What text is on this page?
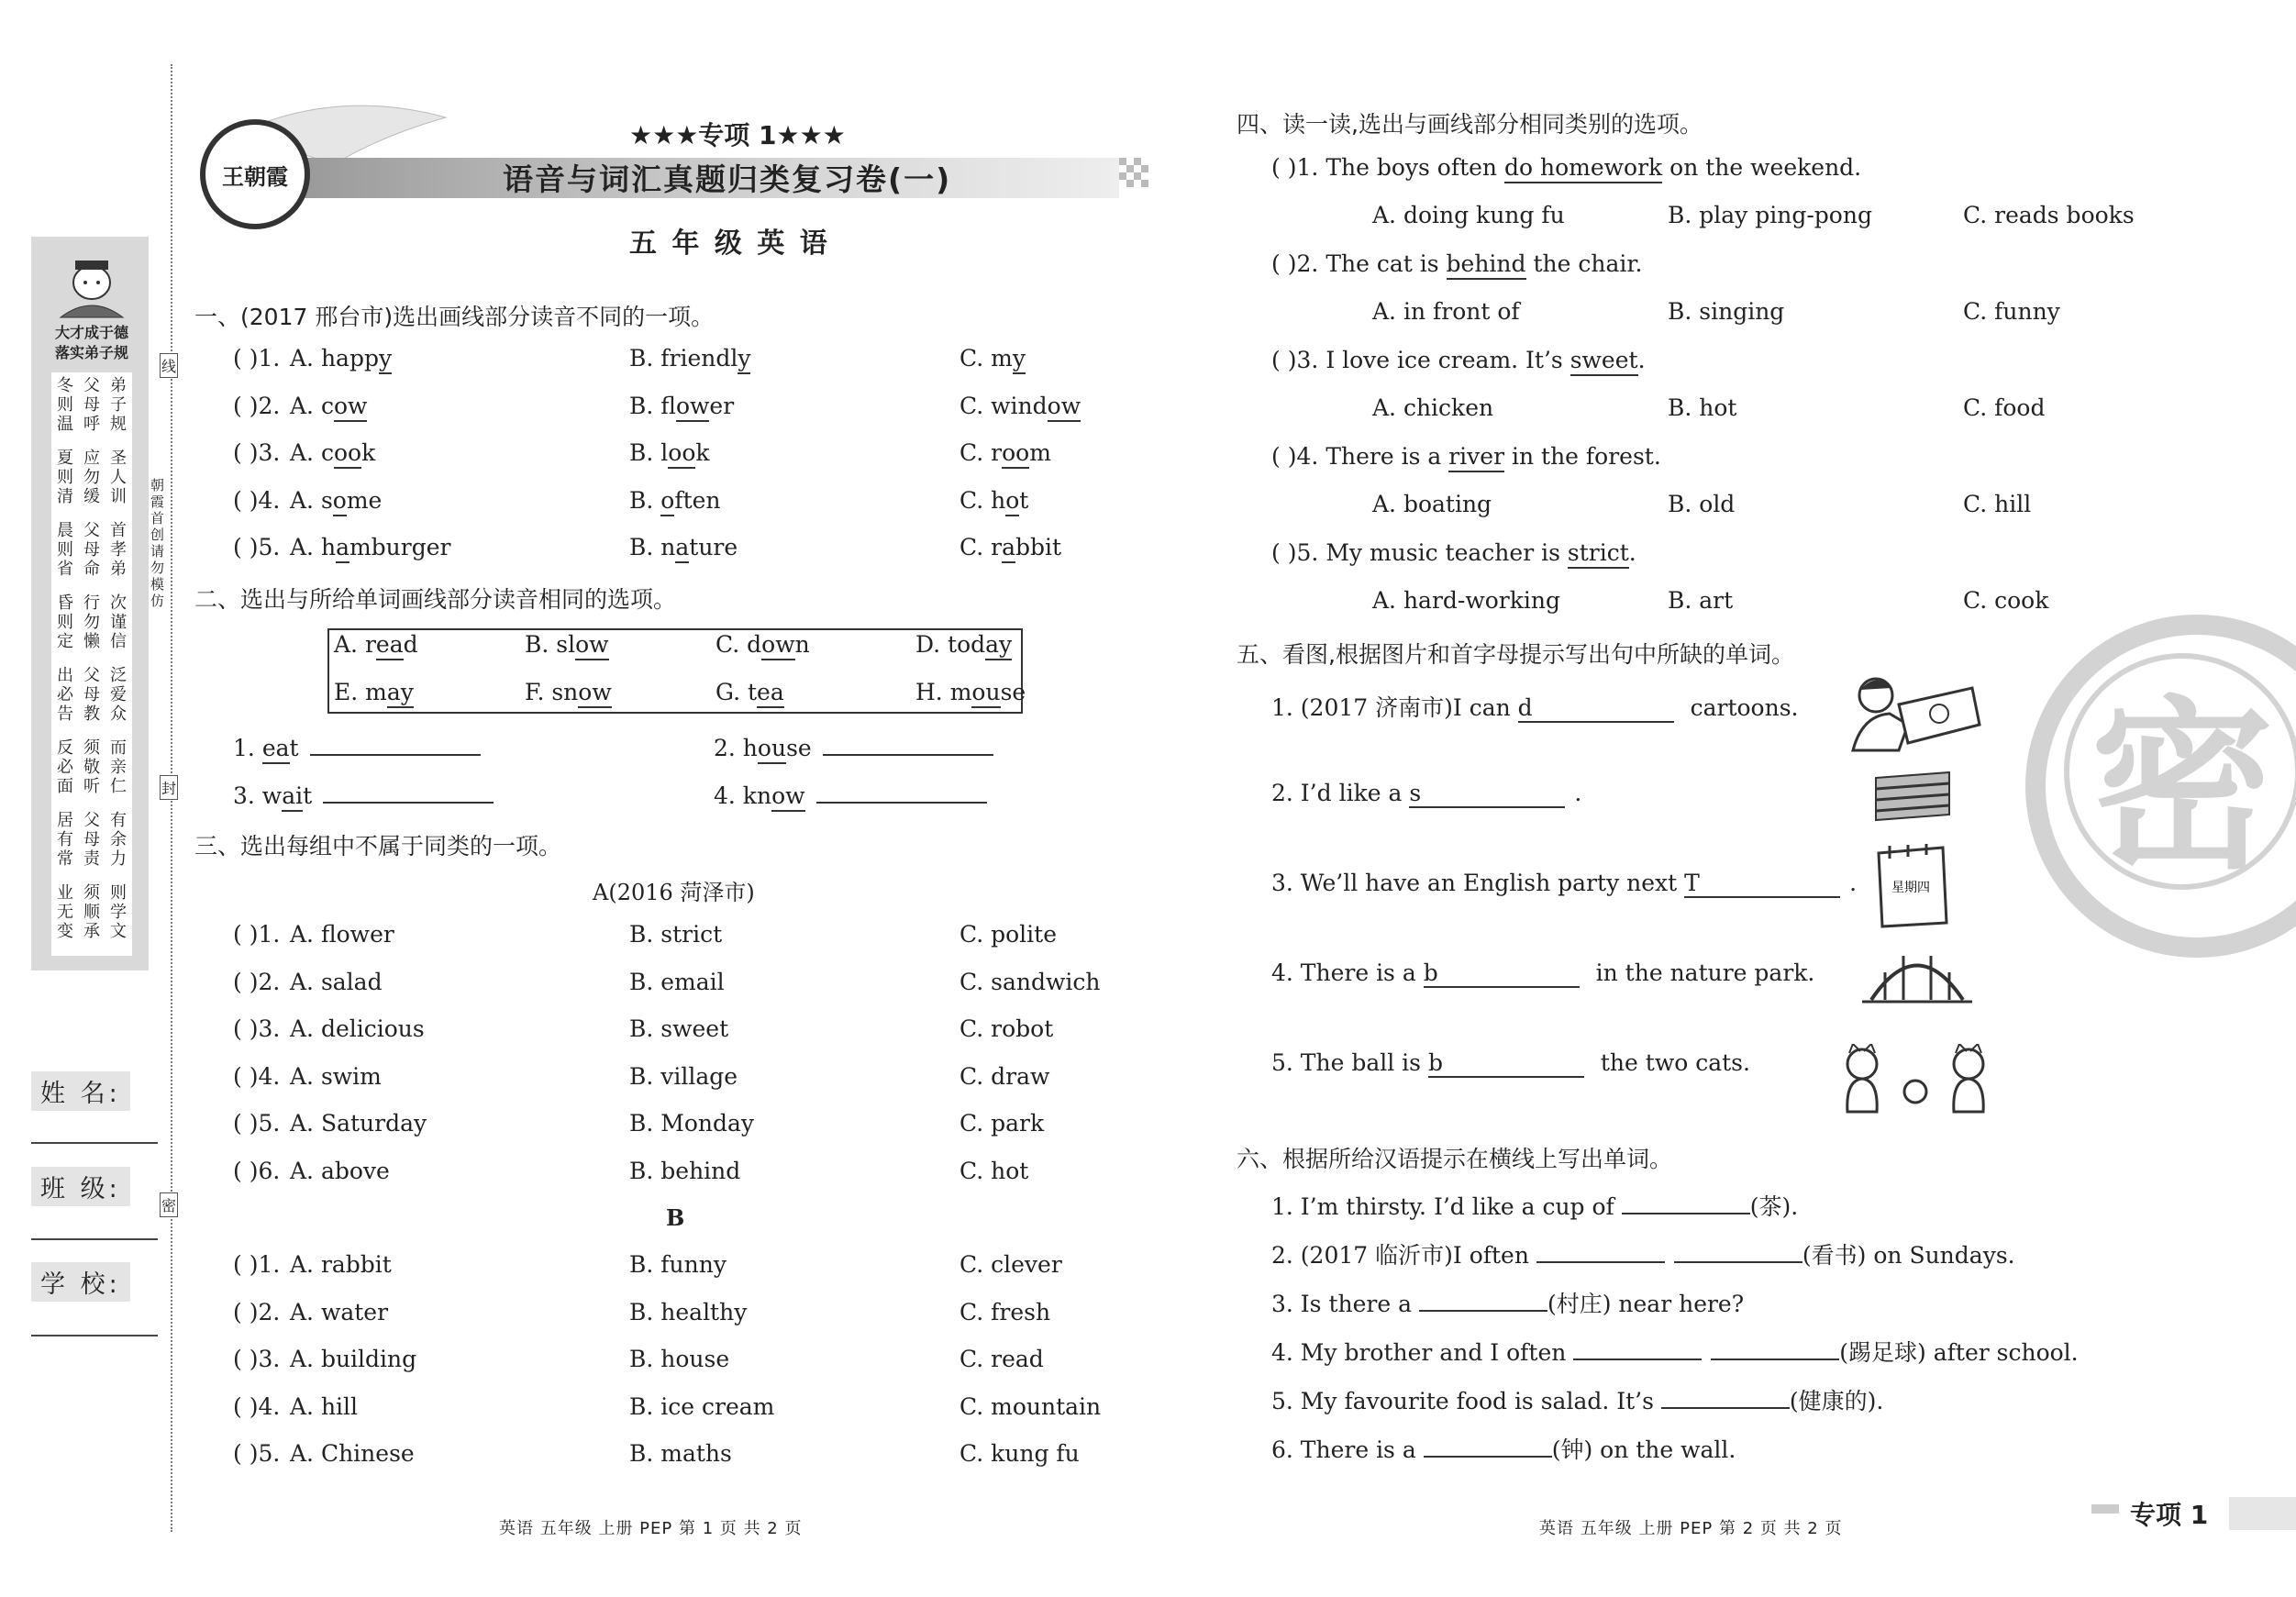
大才成于德
落实弟子规
冬则温
父母呼
弟子规
夏则清
应勿缓
圣人训
晨则省
父母命
首孝弟
昏则定
行勿懒
次谨信
出必告
父母教
泛爱众
反必面
须敬听
而亲仁
居有常
父母责
有余力
业无变
须顺承
则学文
姓 名:
班 级:
学 校:
线
封
密
朝霞首创 请勿模仿
王朝霞
★★★专项 1★★★
语音与词汇真题归类复习卷(一)
五 年 级 英 语
一、(2017 邢台市)选出画线部分读音不同的一项。
( )1. A. happy	B. friendly	C. my
( )2. A. cow	B. flower	C. window
( )3. A. cook	B. look	C. room
( )4. A. some	B. often	C. hot
( )5. A. hamburger	B. nature	C. rabbit
二、选出与所给单词画线部分读音相同的选项。
A. read	B. slow	C. down	D. today
E. may	F. snow	G. tea	H. mouse
1. eat	2. house
3. wait	4. know
三、选出每组中不属于同类的一项。
A(2016 菏泽市)
( )1. A. flower	B. strict	C. polite
( )2. A. salad	B. email	C. sandwich
( )3. A. delicious	B. sweet	C. robot
( )4. A. swim	B. village	C. draw
( )5. A. Saturday	B. Monday	C. park
( )6. A. above	B. behind	C. hot
B
( )1. A. rabbit	B. funny	C. clever
( )2. A. water	B. healthy	C. fresh
( )3. A. building	B. house	C. read
( )4. A. hill	B. ice cream	C. mountain
( )5. A. Chinese	B. maths	C. kung fu
英语 五年级 上册 PEP 第 1 页 共 2 页
密
四、读一读,选出与画线部分相同类别的选项。
( )1. The boys often do homework on the weekend.
A. doing kung fu	B. play ping-pong	C. reads books
( )2. The cat is behind the chair.
A. in front of	B. singing	C. funny
( )3. I love ice cream. It’s sweet.
A. chicken	B. hot	C. food
( )4. There is a river in the forest.
A. boating	B. old	C. hill
( )5. My music teacher is strict.
A. hard-working	B. art	C. cook
五、看图,根据图片和首字母提示写出句中所缺的单词。
1. (2017 济南市)I can d	cartoons.
2. I’d like a s	.
3. We’ll have an English party next T	.
4. There is a b	in the nature park.
5. The ball is b	the two cats.
星期四
六、根据所给汉语提示在横线上写出单词。
1. I’m thirsty. I’d like a cup of	(茶).
2. (2017 临沂市)I often	(看书) on Sundays.
3. Is there a	(村庄) near here?
4. My brother and I often	(踢足球) after school.
5. My favourite food is salad. It’s	(健康的).
6. There is a	(钟) on the wall.
英语 五年级 上册 PEP 第 2 页 共 2 页	专项 1
